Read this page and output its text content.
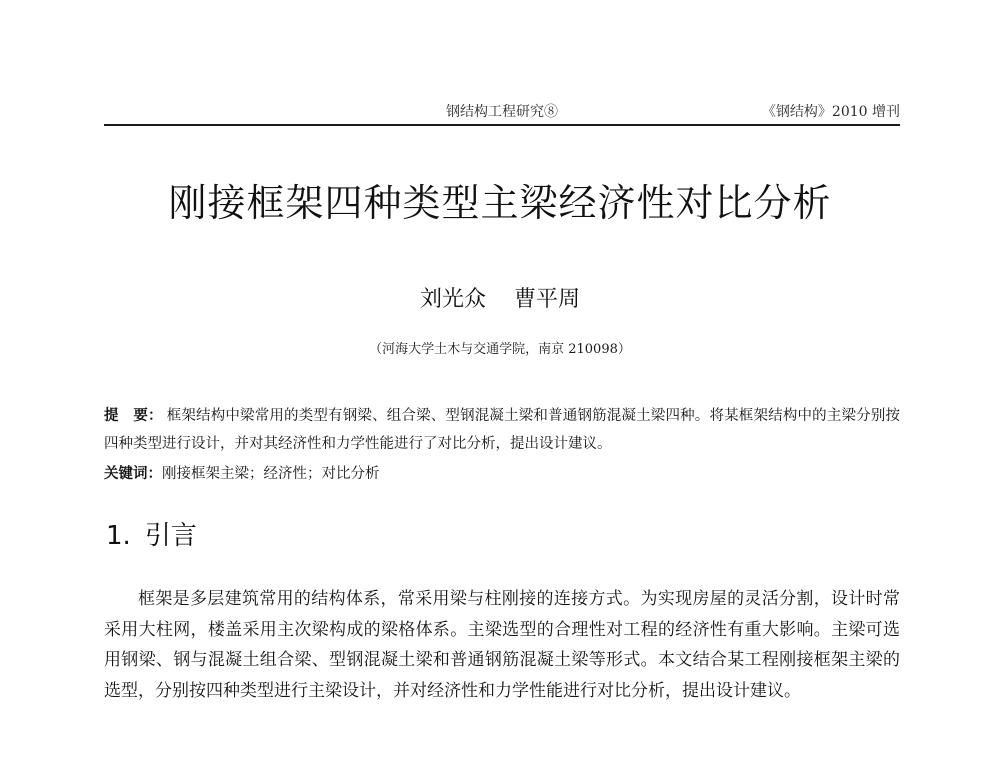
钢结构工程研究⑧	《钢结构》2010 增刊
刚接框架四种类型主梁经济性对比分析
刘光众 曹平周
（河海大学土木与交通学院，南京 210098）
提　要： 框架结构中梁常用的类型有钢梁、组合梁、型钢混凝土梁和普通钢筋混凝土梁四种。将某框架结构中的主梁分别按四种类型进行设计，并对其经济性和力学性能进行了对比分析，提出设计建议。
关键词：刚接框架主梁；经济性；对比分析
1. 引言
框架是多层建筑常用的结构体系，常采用梁与柱刚接的连接方式。为实现房屋的灵活分割，设计时常采用大柱网，楼盖采用主次梁构成的梁格体系。主梁选型的合理性对工程的经济性有重大影响。主梁可选用钢梁、钢与混凝土组合梁、型钢混凝土梁和普通钢筋混凝土梁等形式。本文结合某工程刚接框架主梁的选型，分别按四种类型进行主梁设计，并对经济性和力学性能进行对比分析，提出设计建议。
